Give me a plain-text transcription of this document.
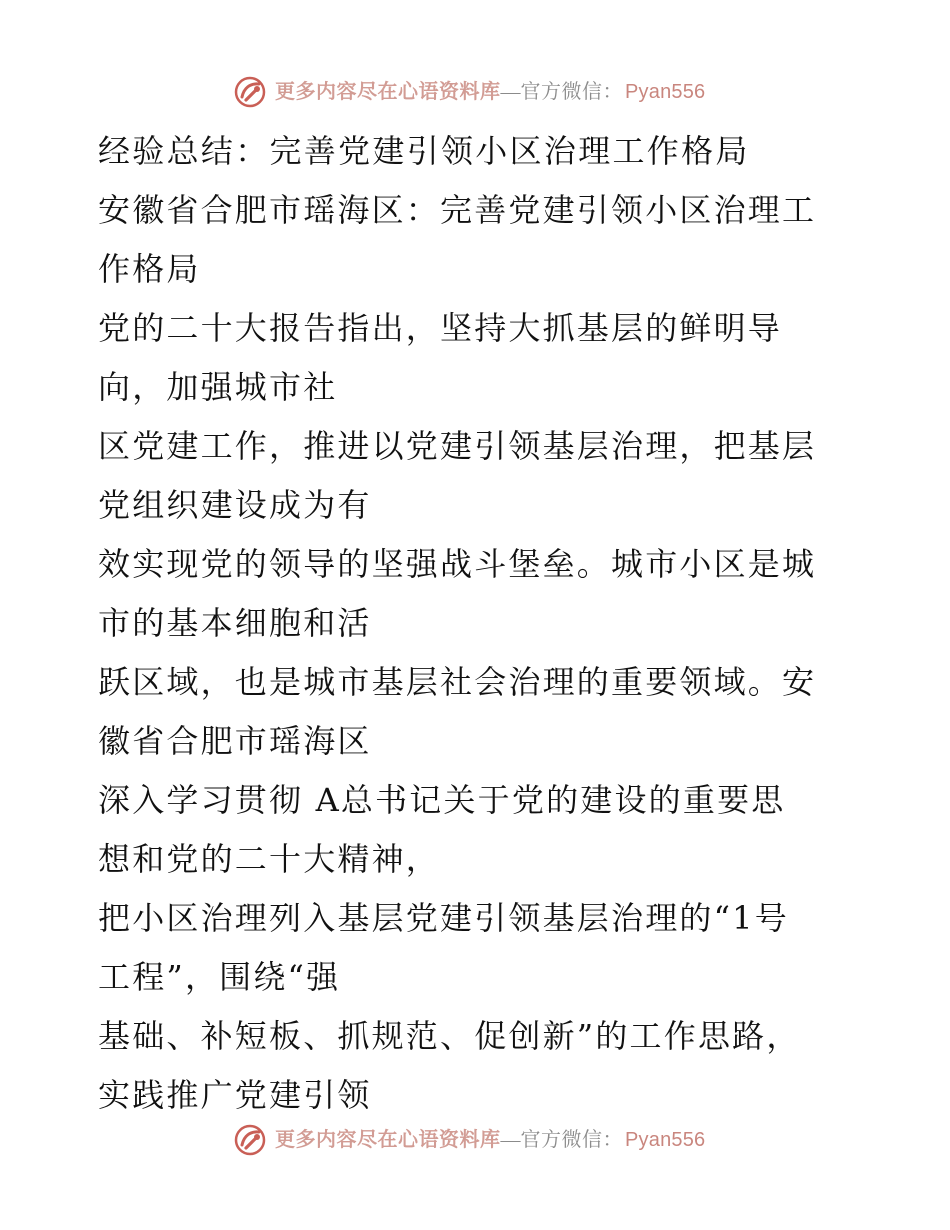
更多内容尽在心语资料库 — 官方微信： Pyan556

经验总结：完善党建引领小区治理工作格局

安徽省合肥市瑶海区：完善党建引领小区治理工

作格局

党的二十大报告指出，坚持大抓基层的鲜明导

向，加强城市社

区党建工作，推进以党建引领基层治理，把基层

党组织建设成为有

效实现党的领导的坚强战斗堡垒。城市小区是城

市的基本细胞和活

跃区域，也是城市基层社会治理的重要领域。安

徽省合肥市瑶海区

深入学习贯彻 A总书记关于党的建设的重要思

想和党的二十大精神，

把小区治理列入基层党建引领基层治理的“1号

工程”，围绕“强

基础、补短板、抓规范、促创新”的工作思路，

实践推广党建引领

更多内容尽在心语资料库 — 官方微信： Pyan556
